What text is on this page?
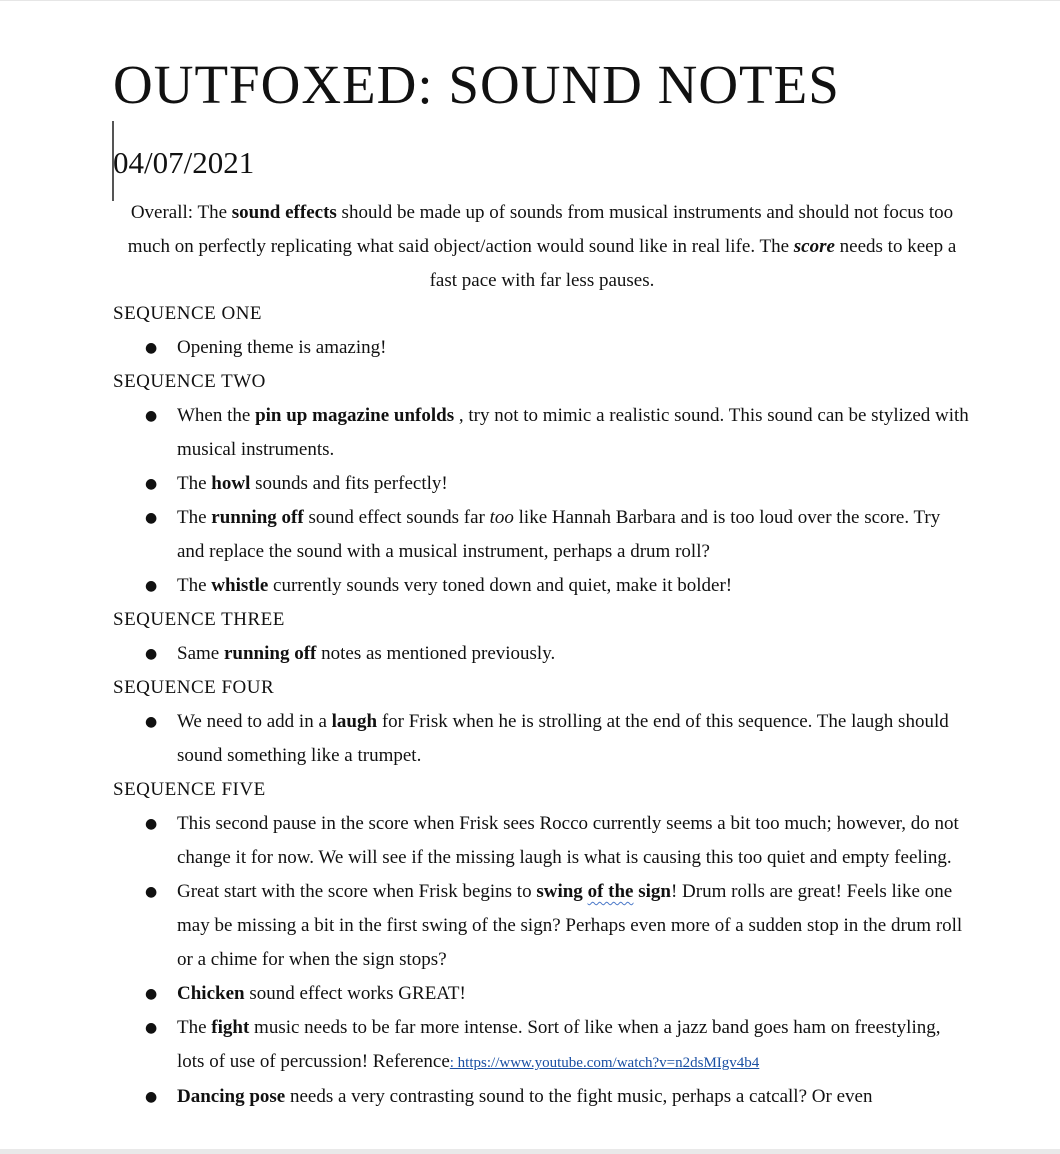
OUTFOXED: SOUND NOTES
04/07/2021

Overall: The sound effects should be made up of sounds from musical instruments and should not focus too much on perfectly replicating what said object/action would sound like in real life. The score needs to keep a fast pace with far less pauses.

SEQUENCE ONE
● Opening theme is amazing!
SEQUENCE TWO
● When the pin up magazine unfolds , try not to mimic a realistic sound. This sound can be stylized with musical instruments.
● The howl sounds and fits perfectly!
● The running off sound effect sounds far too like Hannah Barbara and is too loud over the score. Try and replace the sound with a musical instrument, perhaps a drum roll?
● The whistle currently sounds very toned down and quiet, make it bolder!
SEQUENCE THREE
● Same running off notes as mentioned previously.
SEQUENCE FOUR
● We need to add in a laugh for Frisk when he is strolling at the end of this sequence. The laugh should sound something like a trumpet.
SEQUENCE FIVE
● This second pause in the score when Frisk sees Rocco currently seems a bit too much; however, do not change it for now. We will see if the missing laugh is what is causing this too quiet and empty feeling.
● Great start with the score when Frisk begins to swing of the sign! Drum rolls are great! Feels like one may be missing a bit in the first swing of the sign? Perhaps even more of a sudden stop in the drum roll or a chime for when the sign stops?
● Chicken sound effect works GREAT!
● The fight music needs to be far more intense. Sort of like when a jazz band goes ham on freestyling, lots of use of percussion! Reference: https://www.youtube.com/watch?v=n2dsMIgv4b4
● Dancing pose needs a very contrasting sound to the fight music, perhaps a catcall? Or even
